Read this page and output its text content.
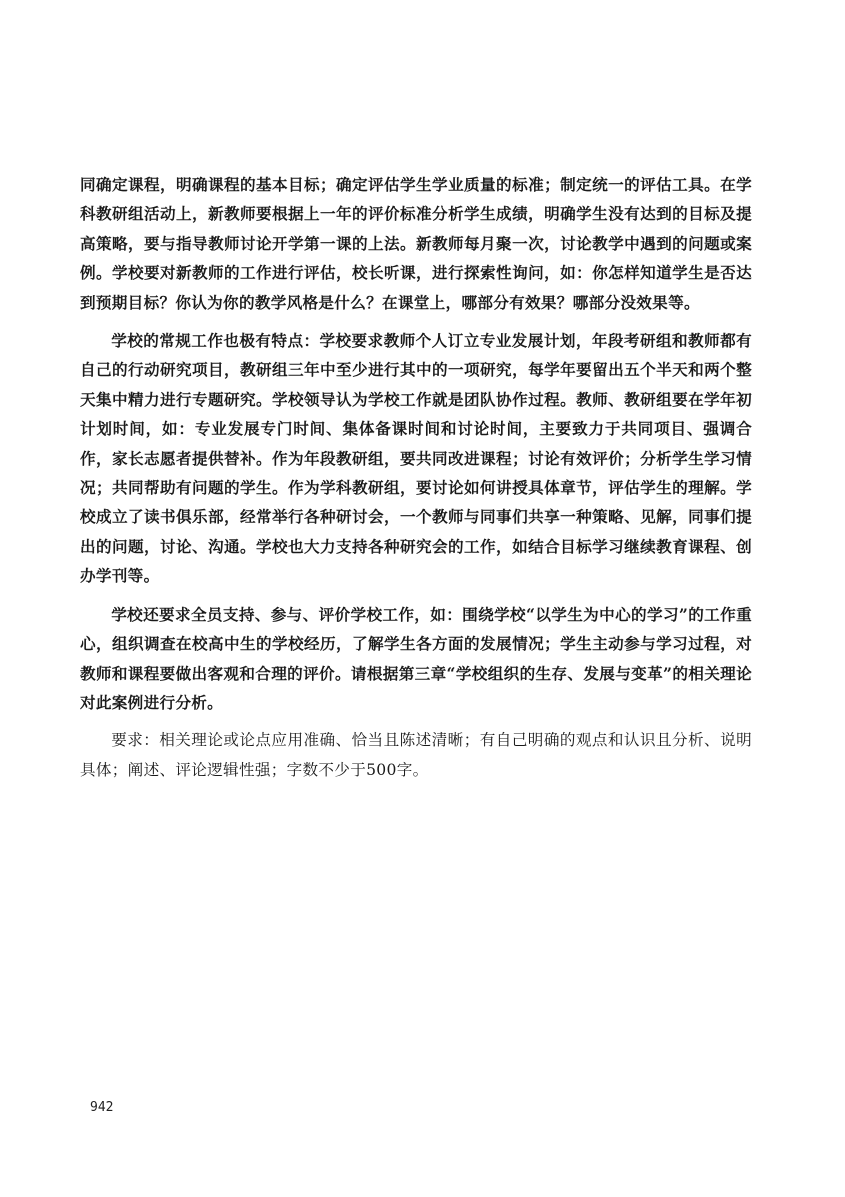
同确定课程，明确课程的基本目标；确定评估学生学业质量的标准；制定统一的评估工具。在学科教研组活动上，新教师要根据上一年的评价标准分析学生成绩，明确学生没有达到的目标及提高策略，要与指导教师讨论开学第一课的上法。新教师每月聚一次，讨论教学中遇到的问题或案例。学校要对新教师的工作进行评估，校长听课，进行探索性询问，如：你怎样知道学生是否达到预期目标？你认为你的教学风格是什么？在课堂上，哪部分有效果？哪部分没效果等。

学校的常规工作也极有特点：学校要求教师个人订立专业发展计划，年段考研组和教师都有自己的行动研究项目，教研组三年中至少进行其中的一项研究，每学年要留出五个半天和两个整天集中精力进行专题研究。学校领导认为学校工作就是团队协作过程。教师、教研组要在学年初计划时间，如：专业发展专门时间、集体备课时间和讨论时间，主要致力于共同项目、强调合作，家长志愿者提供替补。作为年段教研组，要共同改进课程；讨论有效评价；分析学生学习情况；共同帮助有问题的学生。作为学科教研组，要讨论如何讲授具体章节，评估学生的理解。学校成立了读书俱乐部，经常举行各种研讨会，一个教师与同事们共享一种策略、见解，同事们提出的问题，讨论、沟通。学校也大力支持各种研究会的工作，如结合目标学习继续教育课程、创办学刊等。

学校还要求全员支持、参与、评价学校工作，如：围绕学校“以学生为中心的学习”的工作重心，组织调查在校高中生的学校经历，了解学生各方面的发展情况；学生主动参与学习过程，对教师和课程要做出客观和合理的评价。请根据第三章“学校组织的生存、发展与变革”的相关理论对此案例进行分析。

要求：相关理论或论点应用准确、恰当且陈述清晰；有自己明确的观点和认识且分析、说明具体；阐述、评论逻辑性强；字数不少于500字。

942
